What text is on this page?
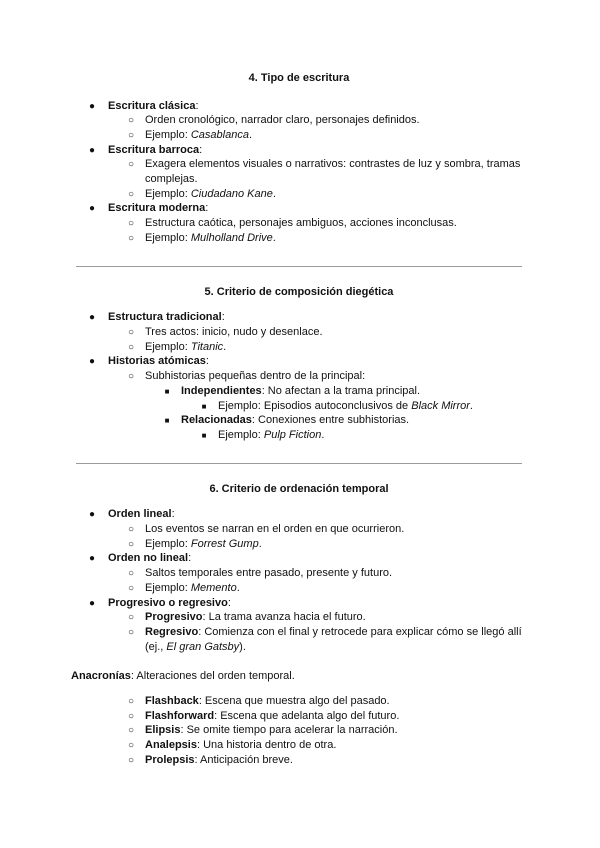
4. Tipo de escritura
● Escritura clásica:
○ Orden cronológico, narrador claro, personajes definidos.
○ Ejemplo: Casablanca.
● Escritura barroca:
○ Exagera elementos visuales o narrativos: contrastes de luz y sombra, tramas
complejas.
○ Ejemplo: Ciudadano Kane.
● Escritura moderna:
○ Estructura caótica, personajes ambiguos, acciones inconclusas.
○ Ejemplo: Mulholland Drive.
5. Criterio de composición diegética
● Estructura tradicional:
○ Tres actos: inicio, nudo y desenlace.
○ Ejemplo: Titanic.
● Historias atómicas:
○ Subhistorias pequeñas dentro de la principal:
■ Independientes: No afectan a la trama principal.
■ Ejemplo: Episodios autoconclusivos de Black Mirror.
■ Relacionadas: Conexiones entre subhistorias.
■ Ejemplo: Pulp Fiction.
6. Criterio de ordenación temporal
● Orden lineal:
○ Los eventos se narran en el orden en que ocurrieron.
○ Ejemplo: Forrest Gump.
● Orden no lineal:
○ Saltos temporales entre pasado, presente y futuro.
○ Ejemplo: Memento.
● Progresivo o regresivo:
○ Progresivo: La trama avanza hacia el futuro.
○ Regresivo: Comienza con el final y retrocede para explicar cómo se llegó allí
(ej., El gran Gatsby).
Anacronías: Alteraciones del orden temporal.
○ Flashback: Escena que muestra algo del pasado.
○ Flashforward: Escena que adelanta algo del futuro.
○ Elipsis: Se omite tiempo para acelerar la narración.
○ Analepsis: Una historia dentro de otra.
○ Prolepsis: Anticipación breve.
